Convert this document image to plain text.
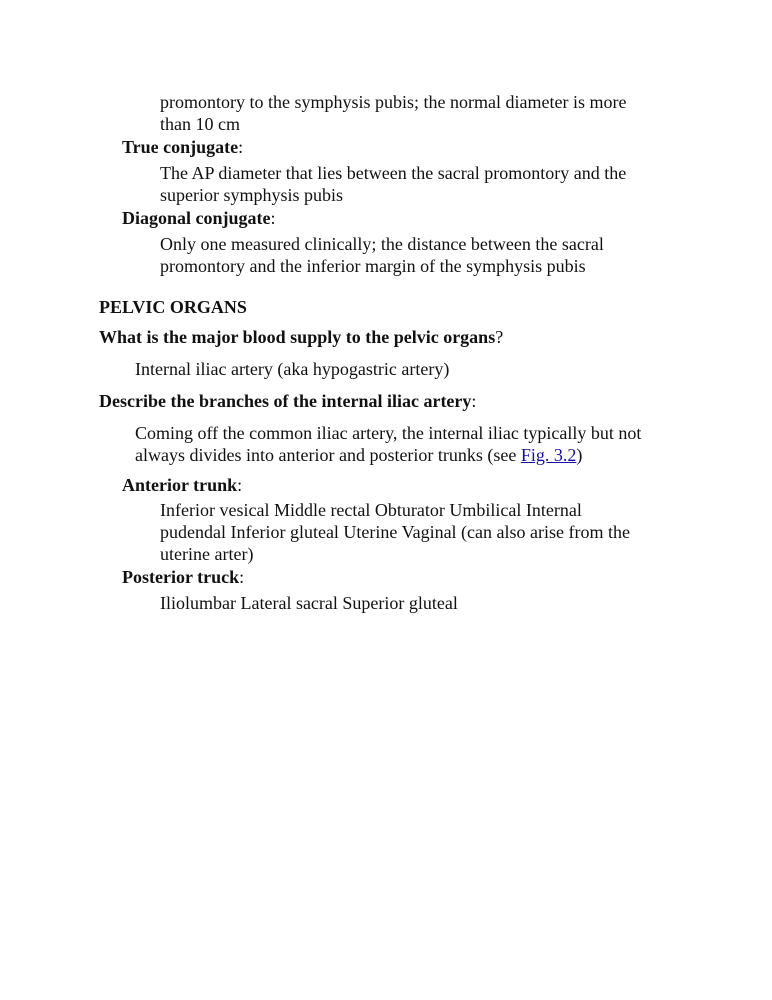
promontory to the symphysis pubis; the normal diameter is more
than 10 cm

True conjugate:

The AP diameter that lies between the sacral promontory and the
superior symphysis pubis

Diagonal conjugate:

Only one measured clinically; the distance between the sacral
promontory and the inferior margin of the symphysis pubis

PELVIC ORGANS

What is the major blood supply to the pelvic organs?

Internal iliac artery (aka hypogastric artery)

Describe the branches of the internal iliac artery:

Coming off the common iliac artery, the internal iliac typically but not
always divides into anterior and posterior trunks (see Fig. 3.2)

Anterior trunk:

Inferior vesical Middle rectal Obturator Umbilical Internal
pudendal Inferior gluteal Uterine Vaginal (can also arise from the
uterine arter)

Posterior truck:

Iliolumbar Lateral sacral Superior gluteal
